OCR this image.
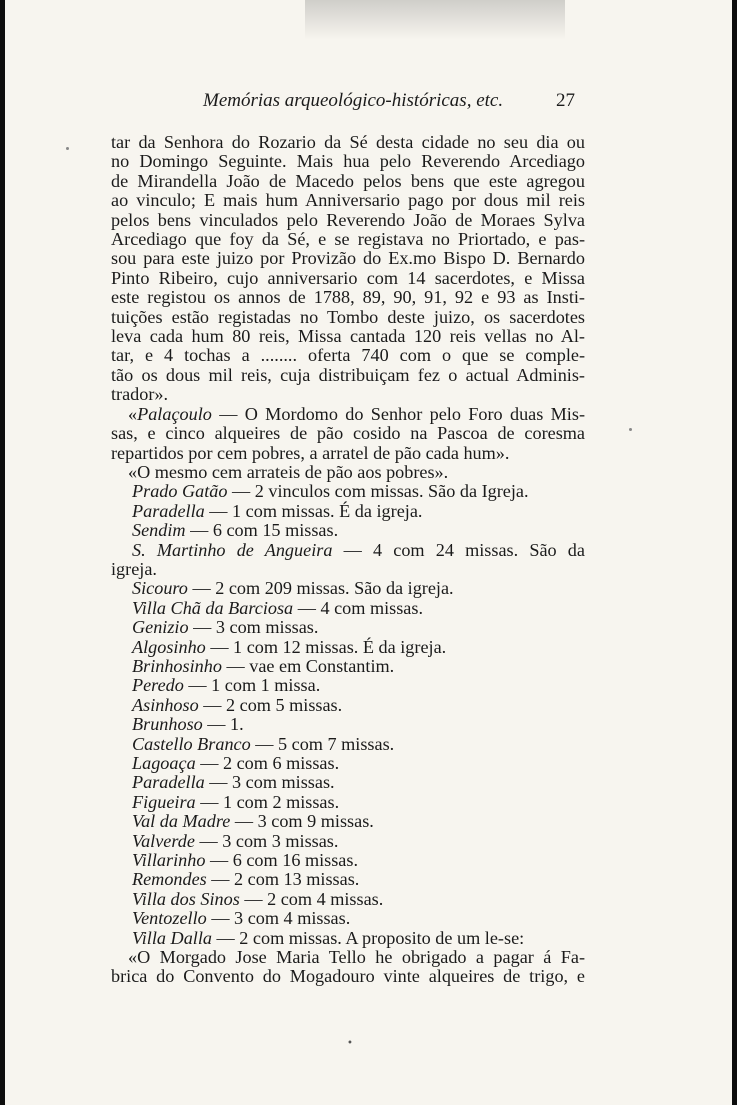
Memórias arqueológico-históricas, etc.	27
tar da Senhora do Rozario da Sé desta cidade no seu dia ou
no Domingo Seguinte. Mais hua pelo Reverendo Arcediago
de Mirandella João de Macedo pelos bens que este agregou
ao vinculo; E mais hum Anniversario pago por dous mil reis
pelos bens vinculados pelo Reverendo João de Moraes Sylva
Arcediago que foy da Sé, e se registava no Priortado, e pas-
sou para este juizo por Provizão do Ex.mo Bispo D. Bernardo
Pinto Ribeiro, cujo anniversario com 14 sacerdotes, e Missa
este registou os annos de 1788, 89, 90, 91, 92 e 93 as Insti-
tuições estão registadas no Tombo deste juizo, os sacerdotes
leva cada hum 80 reis, Missa cantada 120 reis vellas no Al-
tar, e 4 tochas a ........ oferta 740 com o que se comple-
tão os dous mil reis, cuja distribuiçam fez o actual Adminis-
trador».
«Palaçoulo — O Mordomo do Senhor pelo Foro duas Mis-
sas, e cinco alqueires de pão cosido na Pascoa de coresma
repartidos por cem pobres, a arratel de pão cada hum».
«O mesmo cem arrateis de pão aos pobres».
Prado Gatão — 2 vinculos com missas. São da Igreja.
Paradella — 1 com missas. É da igreja.
Sendim — 6 com 15 missas.
S. Martinho de Angueira — 4 com 24 missas. São da
igreja.
Sicouro — 2 com 209 missas. São da igreja.
Villa Chã da Barciosa — 4 com missas.
Genizio — 3 com missas.
Algosinho — 1 com 12 missas. É da igreja.
Brinhosinho — vae em Constantim.
Peredo — 1 com 1 missa.
Asinhoso — 2 com 5 missas.
Brunhoso — 1.
Castello Branco — 5 com 7 missas.
Lagoaça — 2 com 6 missas.
Paradella — 3 com missas.
Figueira — 1 com 2 missas.
Val da Madre — 3 com 9 missas.
Valverde — 3 com 3 missas.
Villarinho — 6 com 16 missas.
Remondes — 2 com 13 missas.
Villa dos Sinos — 2 com 4 missas.
Ventozello — 3 com 4 missas.
Villa Dalla — 2 com missas. A proposito de um le-se:
«O Morgado Jose Maria Tello he obrigado a pagar á Fa-
brica do Convento do Mogadouro vinte alqueires de trigo, e
•
